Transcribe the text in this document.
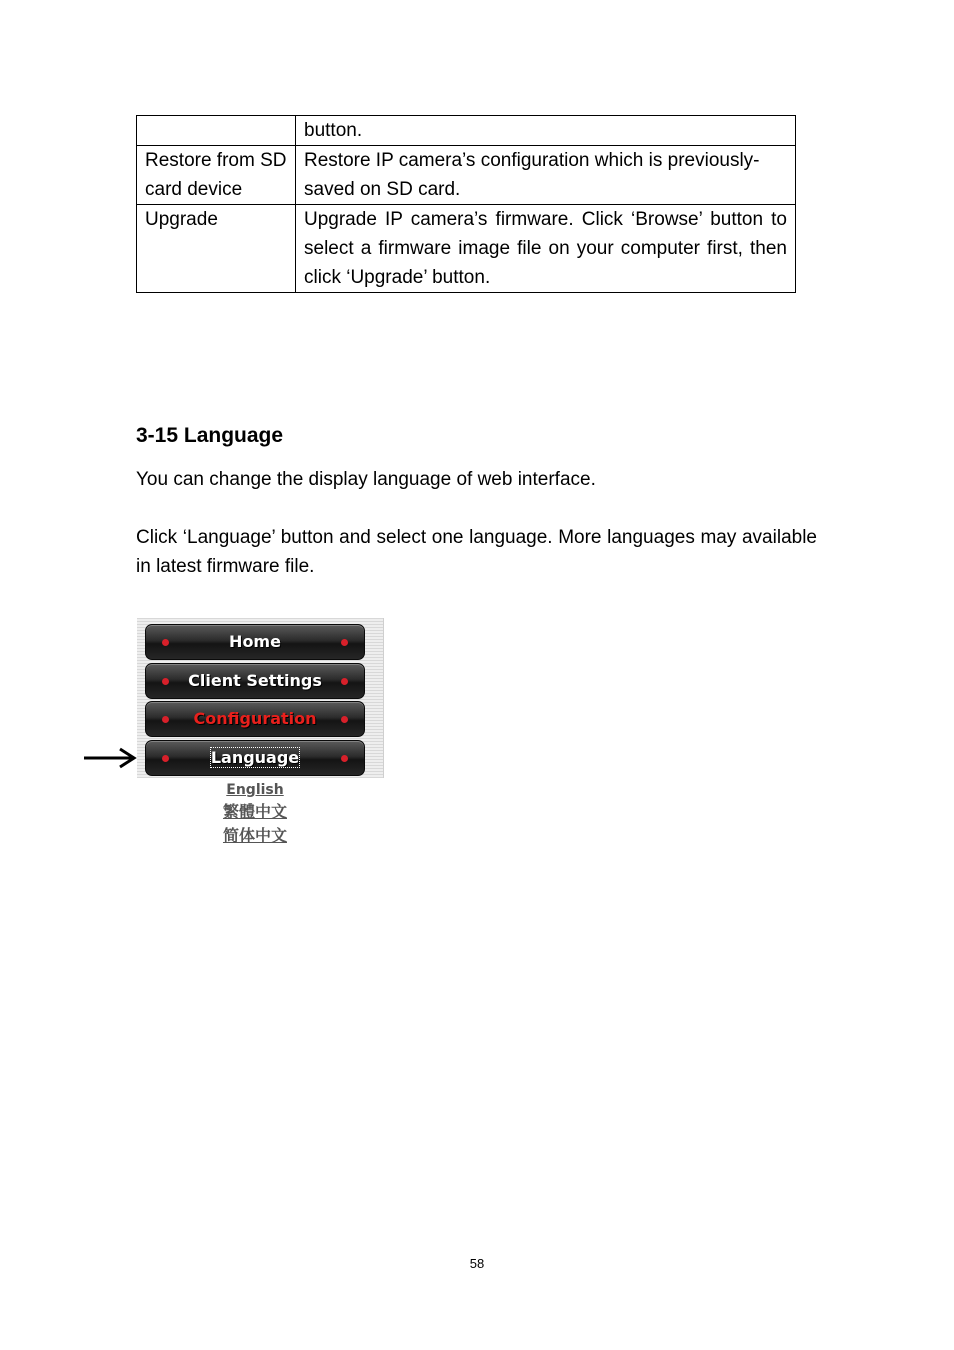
	button.
Restore from SD card device	Restore IP camera’s configuration which is previously-saved on SD card.
Upgrade	Upgrade IP camera’s firmware. Click ‘Browse’ button to select a firmware image file on your computer first, then click ‘Upgrade’ button.
3-15 Language

You can change the display language of web interface.

Click ‘Language’ button and select one language. More languages may available in latest firmware file.

Home
Client Settings
Configuration
Language
English
繁體中文
简体中文
58
